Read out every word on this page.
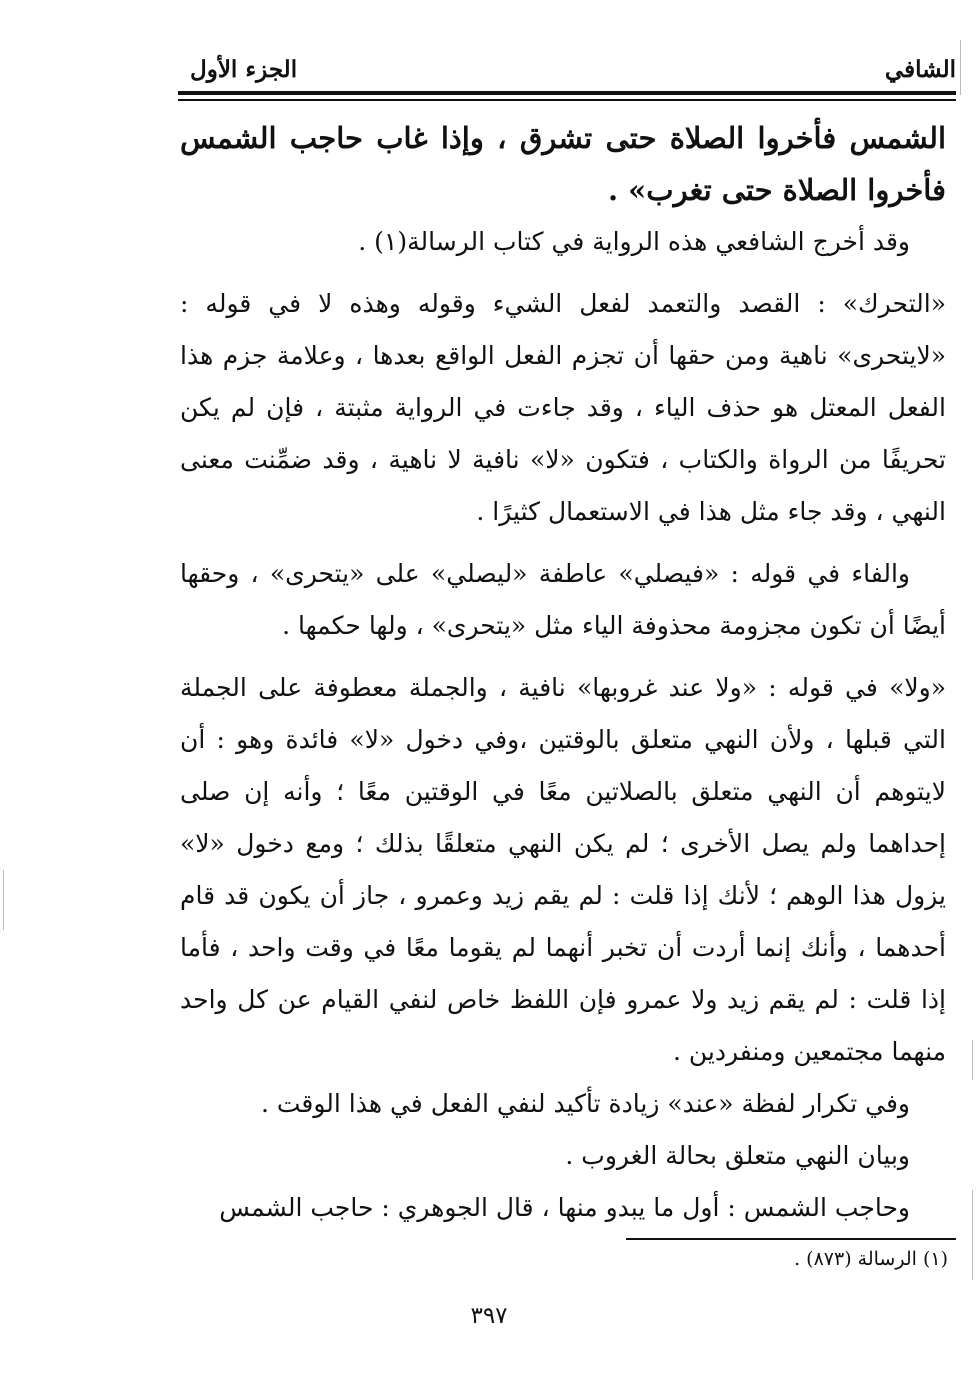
الشافي
الجزء الأول

الشمس فأخروا الصلاة حتى تشرق ، وإذا غاب حاجب الشمس فأخروا الصلاة حتى تغرب» .

وقد أخرج الشافعي هذه الرواية في كتاب الرسالة(١) .

«التحرك» : القصد والتعمد لفعل الشيء وقوله وهذه لا في قوله : «لايتحرى» ناهية ومن حقها أن تجزم الفعل الواقع بعدها ، وعلامة جزم هذا الفعل المعتل هو حذف الياء ، وقد جاءت في الرواية مثبتة ، فإن لم يكن تحريفًا من الرواة والكتاب ، فتكون «لا» نافية لا ناهية ، وقد ضمِّنت معنى النهي ، وقد جاء مثل هذا في الاستعمال كثيرًا .

والفاء في قوله : «فيصلي» عاطفة «ليصلي» على «يتحرى» ، وحقها أيضًا أن تكون مجزومة محذوفة الياء مثل «يتحرى» ، ولها حكمها .

«ولا» في قوله : «ولا عند غروبها» نافية ، والجملة معطوفة على الجملة التي قبلها ، ولأن النهي متعلق بالوقتين ،وفي دخول «لا» فائدة وهو : أن لايتوهم أن النهي متعلق بالصلاتين معًا في الوقتين معًا ؛ وأنه إن صلى إحداهما ولم يصل الأخرى ؛ لم يكن النهي متعلقًا بذلك ؛ ومع دخول «لا» يزول هذا الوهم ؛ لأنك إذا قلت : لم يقم زيد وعمرو ، جاز أن يكون قد قام أحدهما ، وأنك إنما أردت أن تخبر أنهما لم يقوما معًا في وقت واحد ، فأما إذا قلت : لم يقم زيد ولا عمرو فإن اللفظ خاص لنفي القيام عن كل واحد منهما مجتمعين ومنفردين .

وفي تكرار لفظة «عند» زيادة تأكيد لنفي الفعل في هذا الوقت .

وبيان النهي متعلق بحالة الغروب .

وحاجب الشمس : أول ما يبدو منها ، قال الجوهري : حاجب الشمس

(١) الرسالة (٨٧٣) .
٣٩٧
